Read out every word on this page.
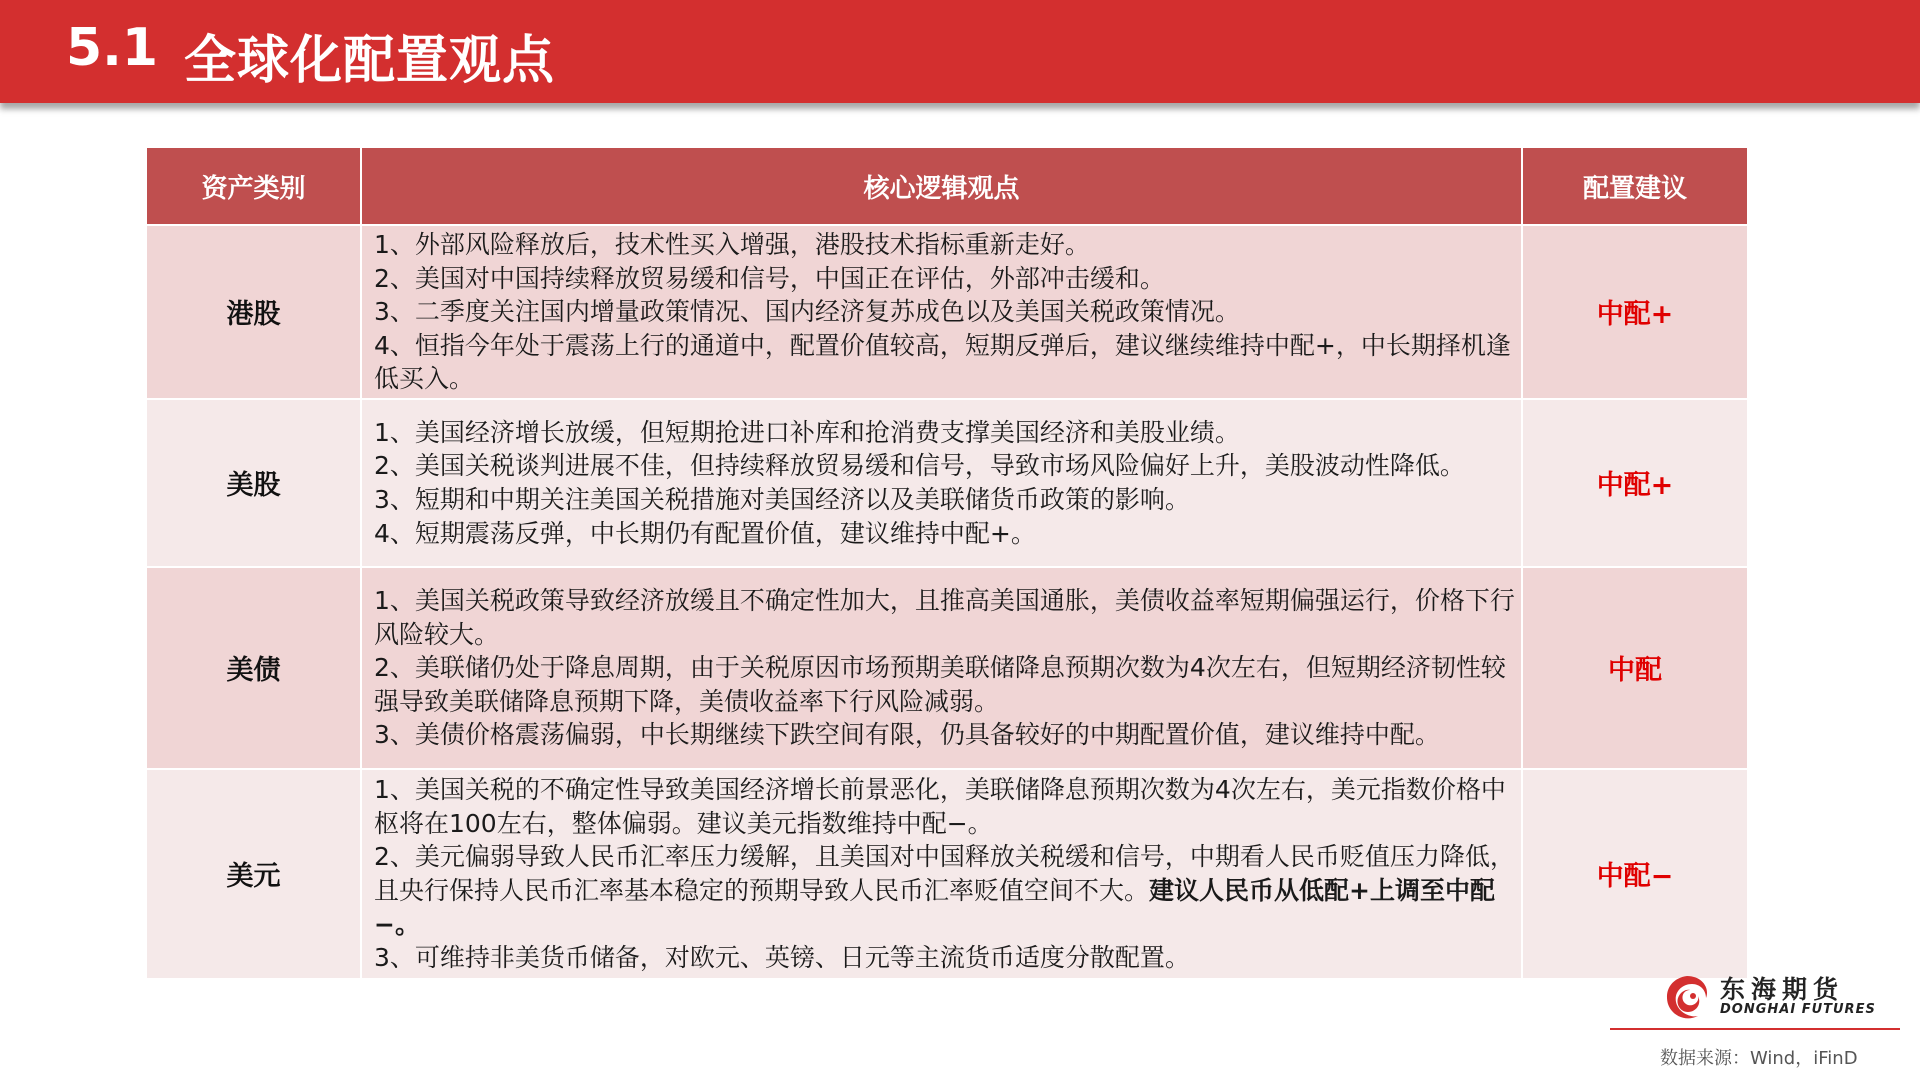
5.1 全球化配置观点
资产类别	核心逻辑观点	配置建议
港股	1、外部风险释放后，技术性买入增强，港股技术指标重新走好。

2、美国对中国持续释放贸易缓和信号，中国正在评估，外部冲击缓和。

3、二季度关注国内增量政策情况、国内经济复苏成色以及美国关税政策情况。

4、恒指今年处于震荡上行的通道中，配置价值较高，短期反弹后，建议继续维持中配+，中长期择机逢低买入。	中配+
美股	1、美国经济增长放缓，但短期抢进口补库和抢消费支撑美国经济和美股业绩。

2、美国关税谈判进展不佳，但持续释放贸易缓和信号，导致市场风险偏好上升，美股波动性降低。

3、短期和中期关注美国关税措施对美国经济以及美联储货币政策的影响。

4、短期震荡反弹，中长期仍有配置价值，建议维持中配+。	中配+
美债	1、美国关税政策导致经济放缓且不确定性加大，且推高美国通胀，美债收益率短期偏强运行，价格下行风险较大。

2、美联储仍处于降息周期，由于关税原因市场预期美联储降息预期次数为4次左右，但短期经济韧性较强导致美联储降息预期下降，美债收益率下行风险减弱。

3、美债价格震荡偏弱，中长期继续下跌空间有限，仍具备较好的中期配置价值，建议维持中配。	中配
美元	1、美国关税的不确定性导致美国经济增长前景恶化，美联储降息预期次数为4次左右，美元指数价格中枢将在100左右，整体偏弱。建议美元指数维持中配−。

2、美元偏弱导致人民币汇率压力缓解，且美国对中国释放关税缓和信号，中期看人民币贬值压力降低，且央行保持人民币汇率基本稳定的预期导致人民币汇率贬值空间不大。建议人民币从低配+上调至中配−。

3、可维持非美货币储备，对欧元、英镑、日元等主流货币适度分散配置。	中配−
东海期货
DONGHAI FUTURES
数据来源：Wind，iFinD
